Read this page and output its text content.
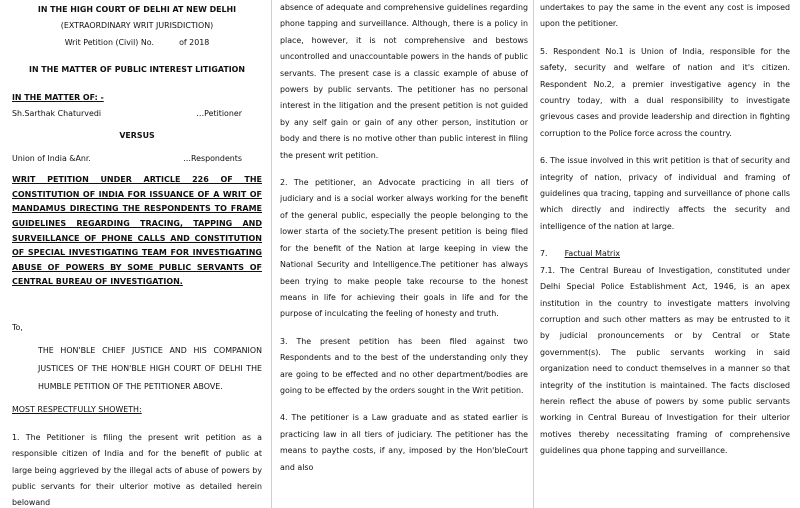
IN THE HIGH COURT OF DELHI AT NEW DELHI
(EXTRAORDINARY WRIT JURISDICTION)
Writ Petition (Civil) No.          of 2018
IN THE MATTER OF PUBLIC INTEREST LITIGATION
IN THE MATTER OF: -
Sh.Sarthak Chaturvedi	…Petitioner
VERSUS
Union of India &Anr.	…Respondents
WRIT PETITION UNDER ARTICLE 226 OF THE CONSTITUTION OF INDIA FOR ISSUANCE OF A WRIT OF MANDAMUS DIRECTING THE RESPONDENTS TO FRAME GUIDELINES REGARDING TRACING, TAPPING AND SURVEILLANCE OF PHONE CALLS AND CONSTITUTION OF SPECIAL INVESTIGATING TEAM FOR INVESTIGATING ABUSE OF POWERS BY SOME PUBLIC SERVANTS OF CENTRAL BUREAU OF INVESTIGATION.
To,
THE HON'BLE CHIEF JUSTICE AND HIS COMPANION JUSTICES OF THE HON'BLE HIGH COURT OF DELHI THE HUMBLE PETITION OF THE PETITIONER ABOVE.
MOST RESPECTFULLY SHOWETH:

1. The Petitioner is filing the present writ petition as a responsible citizen of India and for the benefit of public at large being aggrieved by the illegal acts of abuse of powers by public servants for their ulterior motive as detailed herein belowand

absence of adequate and comprehensive guidelines regarding phone tapping and surveillance. Although, there is a policy in place, however, it is not comprehensive and bestows uncontrolled and unaccountable powers in the hands of public servants. The present case is a classic example of abuse of powers by public servants. The petitioner has no personal interest in the litigation and the present petition is not guided by any self gain or gain of any other person, institution or body and there is no motive other than public interest in filing the present writ petition.

2. The petitioner, an Advocate practicing in all tiers of judiciary and is a social worker always working for the benefit of the general public, especially the people belonging to the lower starta of the society.The present petition is being filed for the benefit of the Nation at large keeping in view the National Security and Intelligence.The petitioner has always been trying to make people take recourse to the honest means in life for achieving their goals in life and for the purpose of inculcating the feeling of honesty and truth.

3. The present petition has been filed against two Respondents and to the best of the understanding only they are going to be effected and no other department/bodies are going to be effected by the orders sought in the Writ petition.

4. The petitioner is a Law graduate and as stated earlier is practicing law in all tiers of judiciary. The petitioner has the means to paythe costs, if any, imposed by the Hon'bleCourt and also

undertakes to pay the same in the event any cost is imposed upon the petitioner.

5. Respondent No.1 is Union of India, responsible for the safety, security and welfare of nation and it's citizen. Respondent No.2, a premier investigative agency in the country today, with a dual responsibility to investigate grievous cases and provide leadership and direction in fighting corruption to the Police force across the country.

6. The issue involved in this writ petition is that of security and integrity of nation, privacy of individual and framing of guidelines qua tracing, tapping and surveillance of phone calls which directly and indirectly affects the security and intelligence of the nation at large.

7. Factual Matrix

7.1. The Central Bureau of Investigation, constituted under Delhi Special Police Establishment Act, 1946, is an apex institution in the country to investigate matters involving corruption and such other matters as may be entrusted to it by judicial pronouncements or by Central or State government(s). The public servants working in said organization need to conduct themselves in a manner so that integrity of the institution is maintained. The facts disclosed herein reflect the abuse of powers by some public servants working in Central Bureau of Investigation for their ulterior motives thereby necessitating framing of comprehensive guidelines qua phone tapping and surveillance.
